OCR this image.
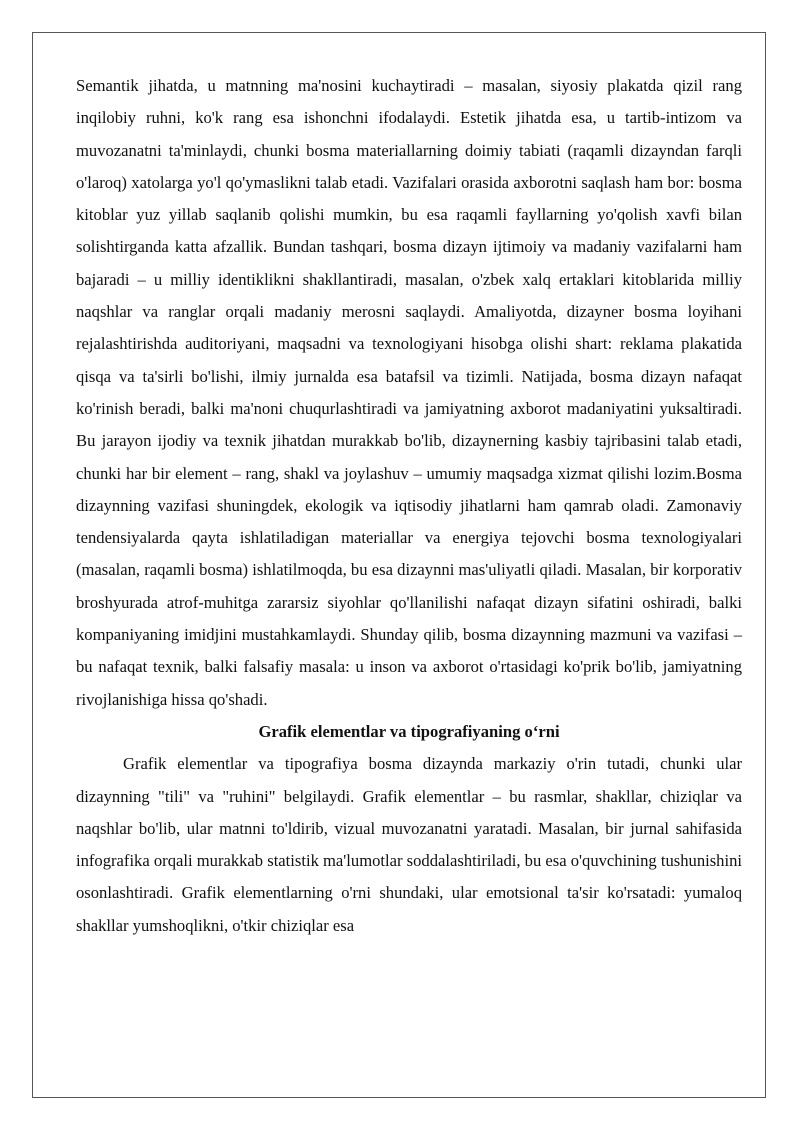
Semantik jihatda, u matnning ma'nosini kuchaytiradi – masalan, siyosiy plakatda qizil rang inqilobiy ruhni, ko'k rang esa ishonchni ifodalaydi. Estetik jihatda esa, u tartib-intizom va muvozanatni ta'minlaydi, chunki bosma materiallarning doimiy tabiati (raqamli dizayndan farqli o'laroq) xatolarga yo'l qo'ymaslikni talab etadi. Vazifalari orasida axborotni saqlash ham bor: bosma kitoblar yuz yillab saqlanib qolishi mumkin, bu esa raqamli fayllarning yo'qolish xavfi bilan solishtirganda katta afzallik. Bundan tashqari, bosma dizayn ijtimoiy va madaniy vazifalarni ham bajaradi – u milliy identiklikni shakllantiradi, masalan, o'zbek xalq ertaklari kitoblarida milliy naqshlar va ranglar orqali madaniy merosni saqlaydi. Amaliyotda, dizayner bosma loyihani rejalashtirishda auditoriyani, maqsadni va texnologiyani hisobga olishi shart: reklama plakatida qisqa va ta'sirli bo'lishi, ilmiy jurnalda esa batafsil va tizimli. Natijada, bosma dizayn nafaqat ko'rinish beradi, balki ma'noni chuqurlashtiradi va jamiyatning axborot madaniyatini yuksaltiradi. Bu jarayon ijodiy va texnik jihatdan murakkab bo'lib, dizaynerning kasbiy tajribasini talab etadi, chunki har bir element – rang, shakl va joylashuv – umumiy maqsadga xizmat qilishi lozim.Bosma dizaynning vazifasi shuningdek, ekologik va iqtisodiy jihatlarni ham qamrab oladi. Zamonaviy tendensiyalarda qayta ishlatiladigan materiallar va energiya tejovchi bosma texnologiyalari (masalan, raqamli bosma) ishlatilmoqda, bu esa dizaynni mas'uliyatli qiladi. Masalan, bir korporativ broshyurada atrof-muhitga zararsiz siyohlar qo'llanilishi nafaqat dizayn sifatini oshiradi, balki kompaniyaning imidjini mustahkamlaydi. Shunday qilib, bosma dizaynning mazmuni va vazifasi – bu nafaqat texnik, balki falsafiy masala: u inson va axborot o'rtasidagi ko'prik bo'lib, jamiyatning rivojlanishiga hissa qo'shadi.

Grafik elementlar va tipografiyaning o‘rni

Grafik elementlar va tipografiya bosma dizaynda markaziy o'rin tutadi, chunki ular dizaynning "tili" va "ruhini" belgilaydi. Grafik elementlar – bu rasmlar, shakllar, chiziqlar va naqshlar bo'lib, ular matnni to'ldirib, vizual muvozanatni yaratadi. Masalan, bir jurnal sahifasida infografika orqali murakkab statistik ma'lumotlar soddalashtiriladi, bu esa o'quvchining tushunishini osonlashtiradi. Grafik elementlarning o'rni shundaki, ular emotsional ta'sir ko'rsatadi: yumaloq shakllar yumshoqlikni, o'tkir chiziqlar esa
